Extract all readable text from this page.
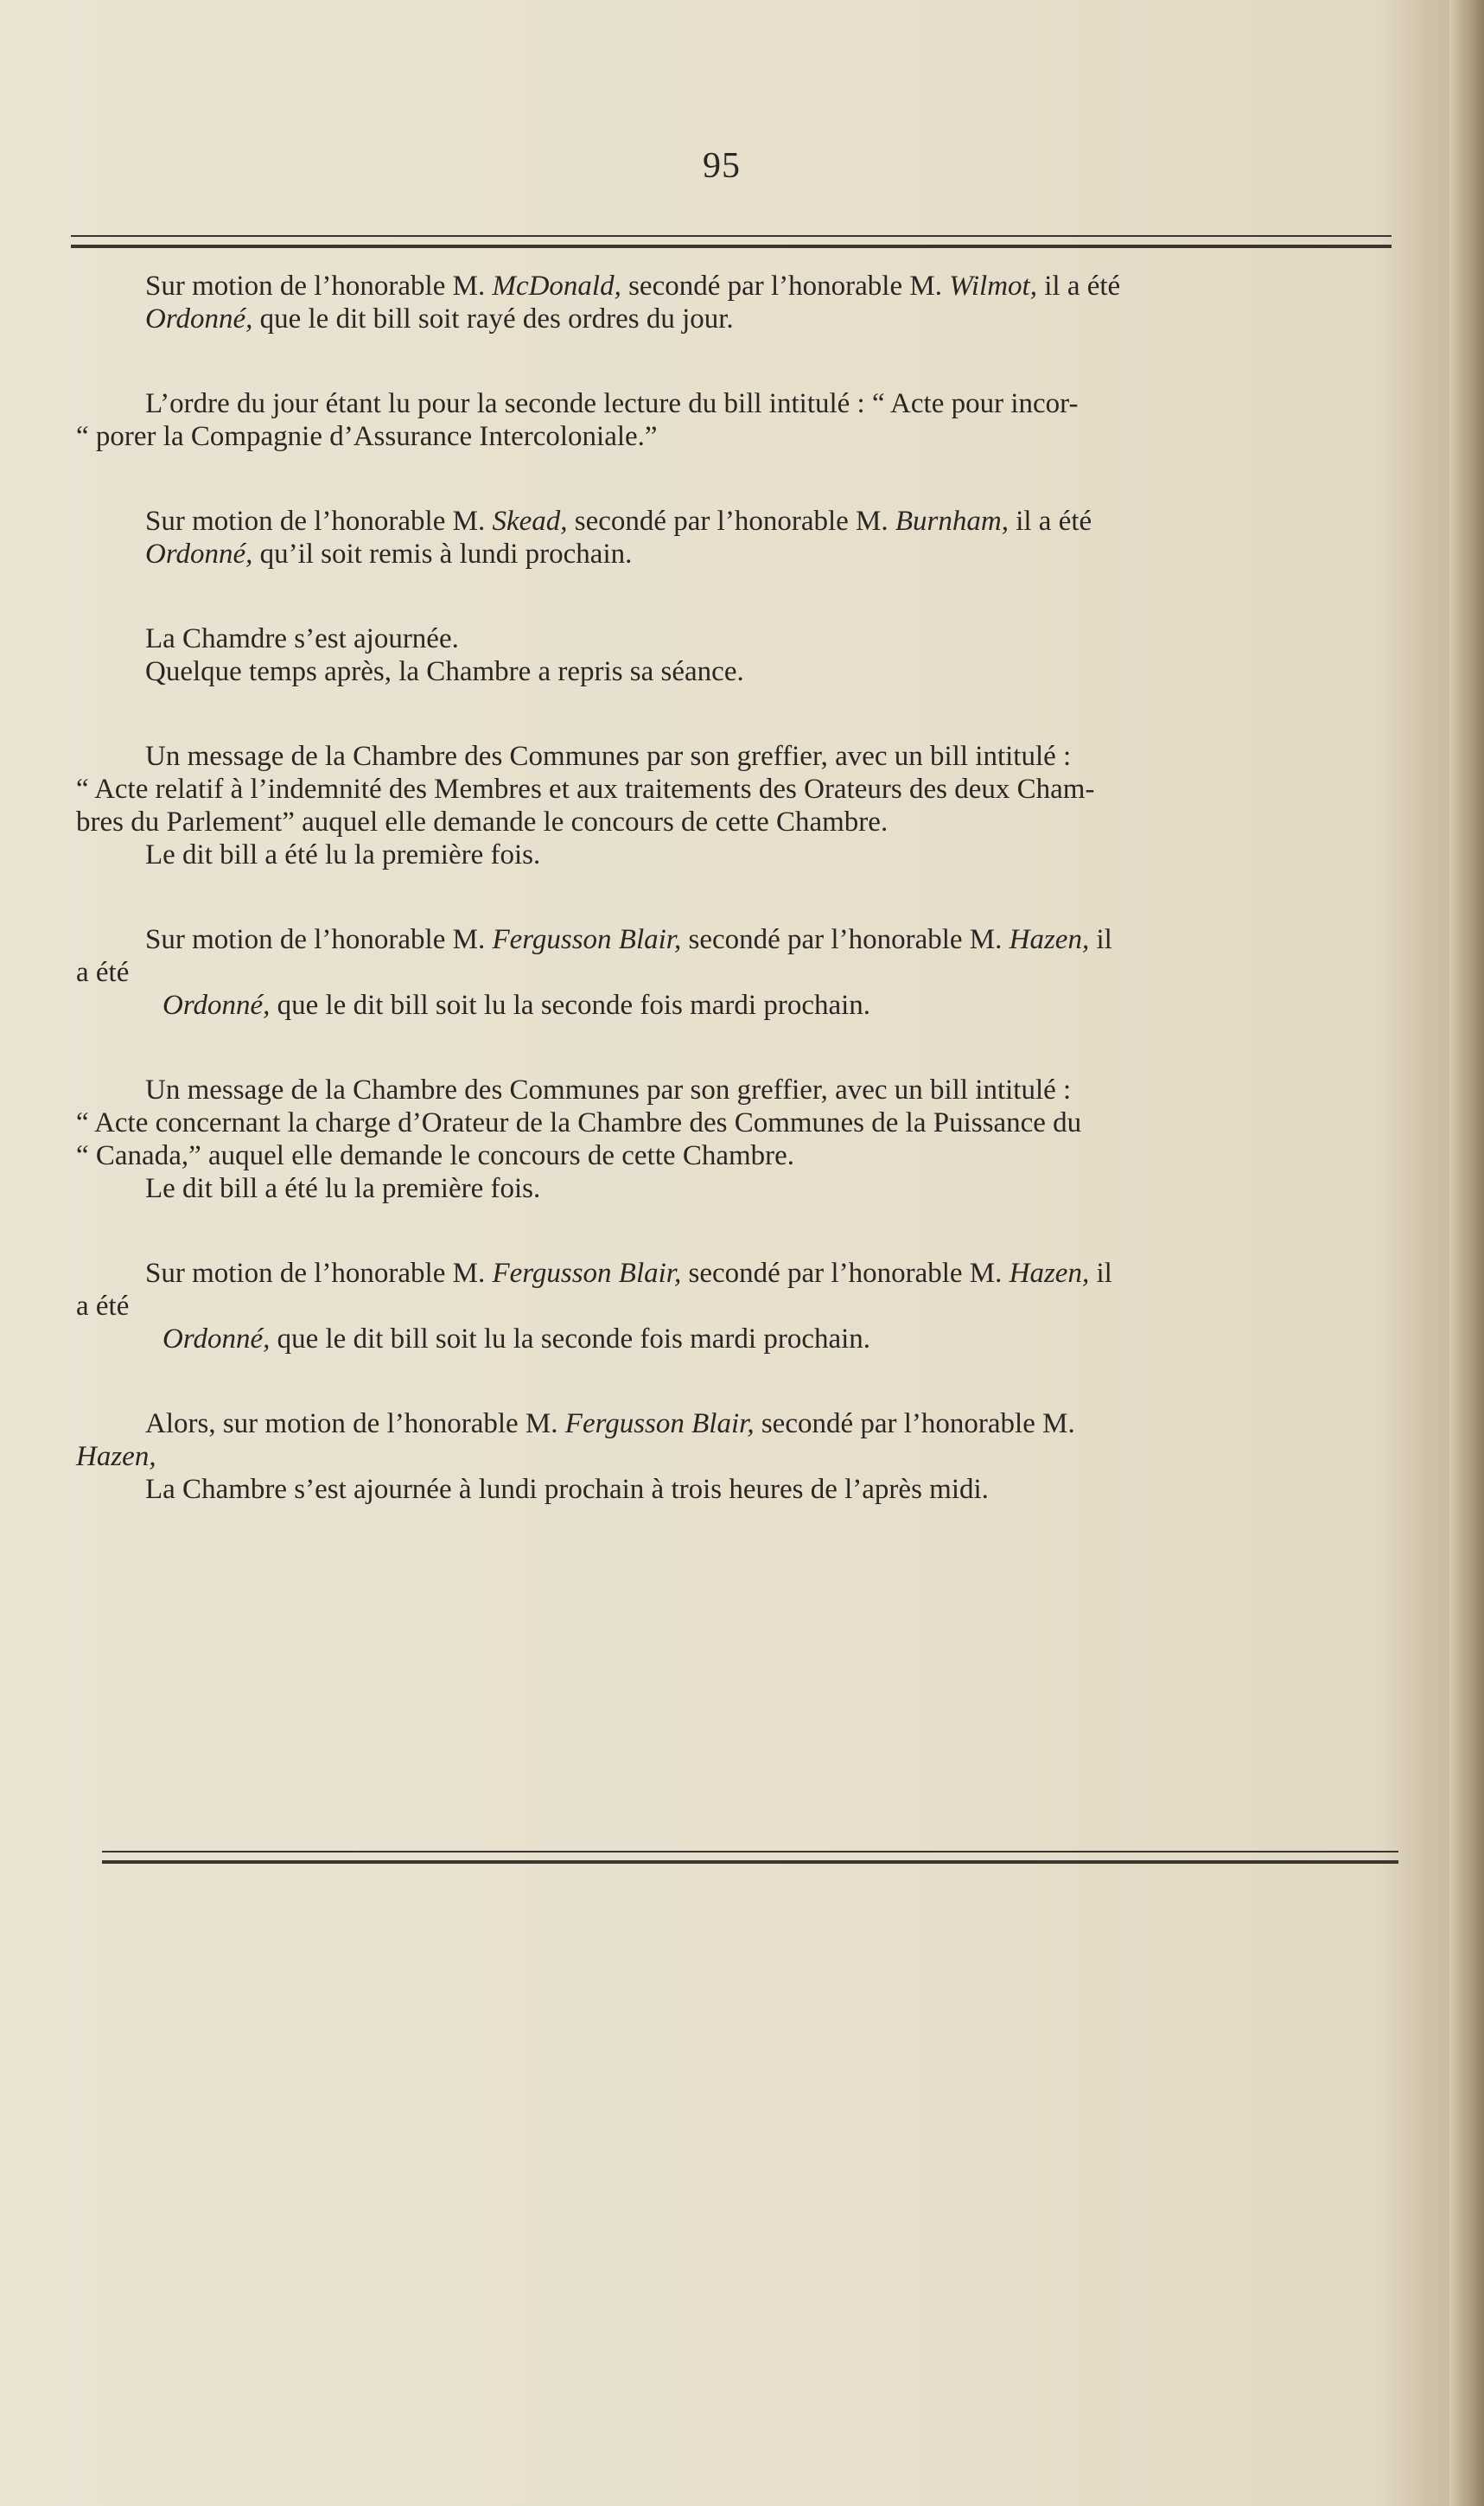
95
Sur motion de l’honorable M. McDonald, secondé par l’honorable M. Wilmot, il a été
Ordonné, que le dit bill soit rayé des ordres du jour.
L’ordre du jour étant lu pour la seconde lecture du bill intitulé : “ Acte pour incor-
“ porer la Compagnie d’Assurance Intercoloniale.”
Sur motion de l’honorable M. Skead, secondé par l’honorable M. Burnham, il a été
Ordonné, qu’il soit remis à lundi prochain.
La Chamdre s’est ajournée.
Quelque temps après, la Chambre a repris sa séance.
Un message de la Chambre des Communes par son greffier, avec un bill intitulé :
“ Acte relatif à l’indemnité des Membres et aux traitements des Orateurs des deux Cham-
bres du Parlement” auquel elle demande le concours de cette Chambre.
Le dit bill a été lu la première fois.
Sur motion de l’honorable M. Fergusson Blair, secondé par l’honorable M. Hazen, il
a été
Ordonné, que le dit bill soit lu la seconde fois mardi prochain.
Un message de la Chambre des Communes par son greffier, avec un bill intitulé :
“ Acte concernant la charge d’Orateur de la Chambre des Communes de la Puissance du
“ Canada,” auquel elle demande le concours de cette Chambre.
Le dit bill a été lu la première fois.
Sur motion de l’honorable M. Fergusson Blair, secondé par l’honorable M. Hazen, il
a été
Ordonné, que le dit bill soit lu la seconde fois mardi prochain.
Alors, sur motion de l’honorable M. Fergusson Blair, secondé par l’honorable M.
Hazen,
La Chambre s’est ajournée à lundi prochain à trois heures de l’après midi.
